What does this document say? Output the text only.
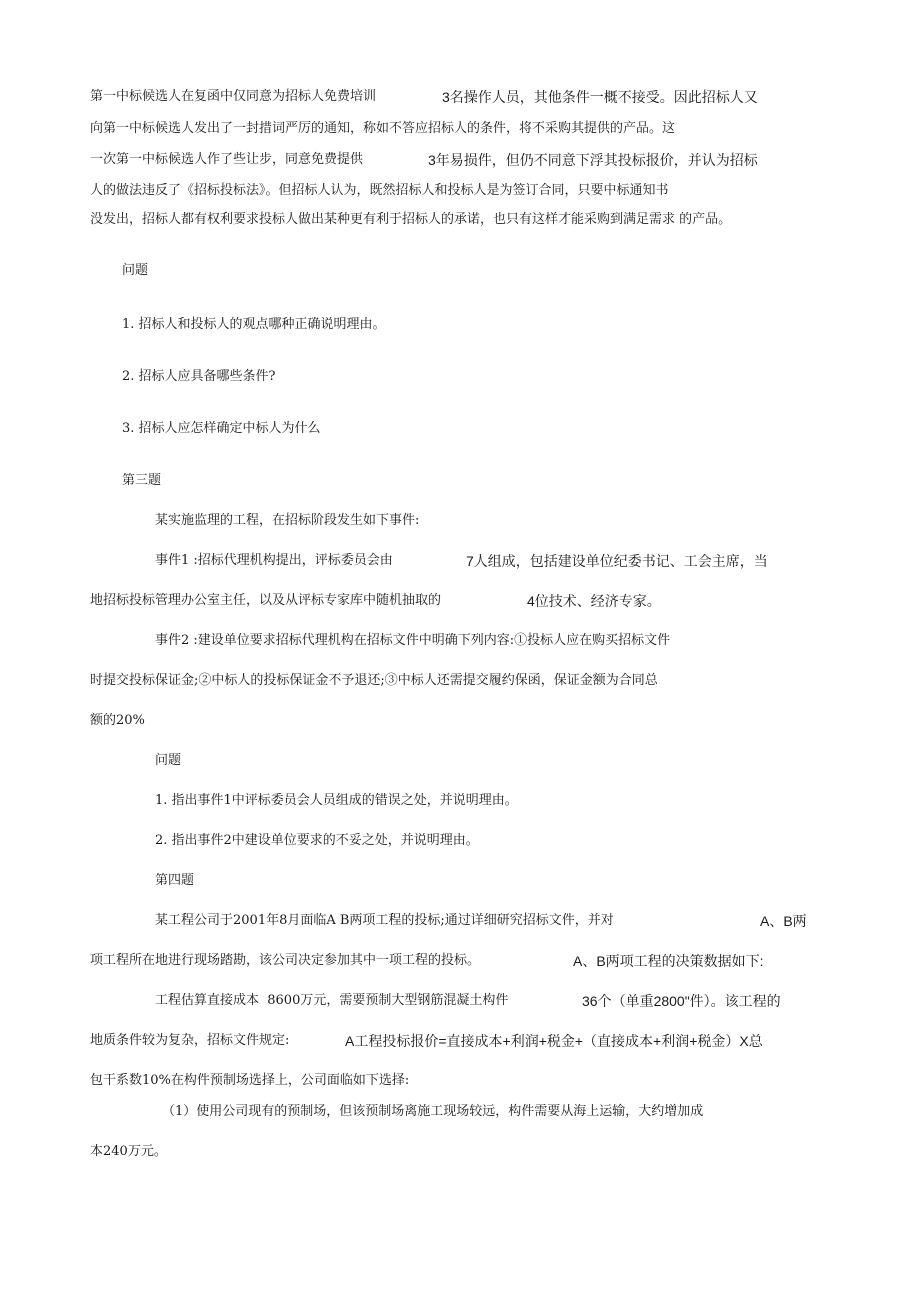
第一中标候选人在复函中仅同意为招标人免费培训	3名操作人员，其他条件一概不接受。因此招标人又
向第一中标候选人发出了一封措词严厉的通知，称如不答应招标人的条件，将不采购其提供的产品。这
一次第一中标候选人作了些让步，同意免费提供	3年易损件，但仍不同意下浮其投标报价，并认为招标
人的做法违反了《招标投标法》。但招标人认为，既然招标人和投标人是为签订合同，只要中标通知书
没发出，招标人都有权利要求投标人做出某种更有利于招标人的承诺，也只有这样才能采购到满足需求 的产品。
问题
1. 招标人和投标人的观点哪种正确说明理由。
2. 招标人应具备哪些条件?
3. 招标人应怎样确定中标人为什么
第三题
某实施监理的工程，在招标阶段发生如下事件:
事件1 :招标代理机构提出，评标委员会由	7人组成，包括建设单位纪委书记、工会主席，当
地招标投标管理办公室主任，以及从评标专家库中随机抽取的	4位技术、经济专家。
事件2 :建设单位要求招标代理机构在招标文件中明确下列内容:①投标人应在购买招标文件
时提交投标保证金;②中标人的投标保证金不予退还;③中标人还需提交履约保函，保证金额为合同总
额的20%
问题
1. 指出事件1中评标委员会人员组成的错误之处，并说明理由。
2. 指出事件2中建设单位要求的不妥之处，并说明理由。
第四题
某工程公司于2001年8月面临A B两项工程的投标;通过详细研究招标文件，并对	A、B两
项工程所在地进行现场踏勘，该公司决定参加其中一项工程的投标。	A、B两项工程的决策数据如下:
工程估算直接成本  8600万元，需要预制大型钢筋混凝土构件	36个（单重2800"件）。该工程的
地质条件较为复杂，招标文件规定:	A工程投标报价=直接成本+利润+税金+（直接成本+利润+税金）X总
包干系数10%在构件预制场选择上，公司面临如下选择:
（1）使用公司现有的预制场，但该预制场离施工现场较远，构件需要从海上运输，大约增加成
本240万元。
